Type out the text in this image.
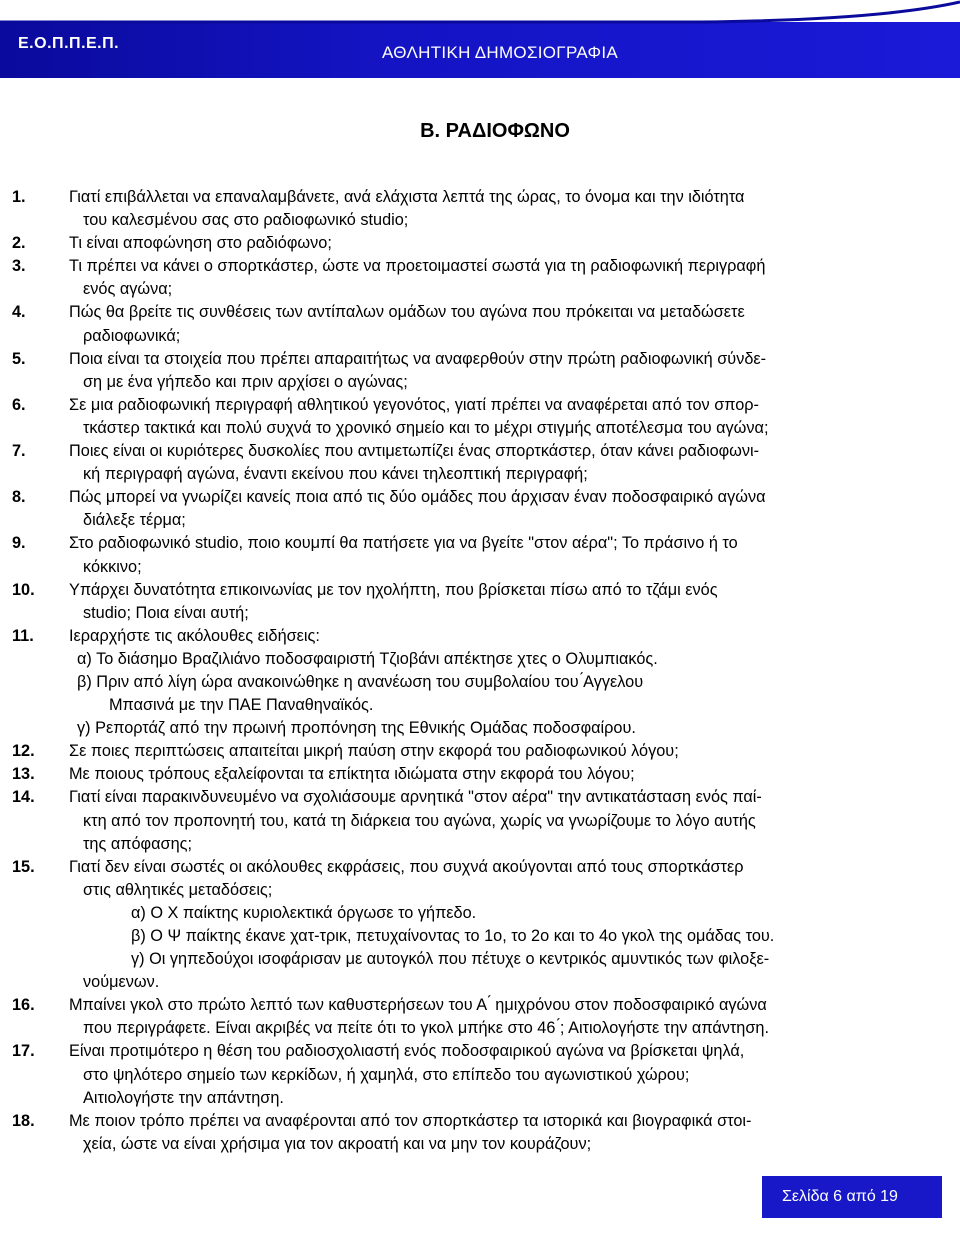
Ε.Ο.Π.Π.Ε.Π.	ΑΘΛΗΤΙΚΗ ΔΗΜΟΣΙΟΓΡΑΦΙΑ
Β. ΡΑΔΙΟΦΩΝΟ
1.	Γιατί επιβάλλεται να επαναλαμβάνετε, ανά ελάχιστα λεπτά της ώρας, το όνομα και την ιδιότητα
του καλεσμένου σας στο ραδιοφωνικό studio;
2.	Τι είναι αποφώνηση στο ραδιόφωνο;
3.	Τι πρέπει να κάνει ο σπορτκάστερ, ώστε να προετοιμαστεί σωστά για τη ραδιοφωνική περιγραφή
ενός αγώνα;
4.	Πώς θα βρείτε τις συνθέσεις των αντίπαλων ομάδων του αγώνα που πρόκειται να μεταδώσετε
ραδιοφωνικά;
5.	Ποια είναι τα στοιχεία που πρέπει απαραιτήτως να αναφερθούν στην πρώτη ραδιοφωνική σύνδε-
ση με ένα γήπεδο και πριν αρχίσει ο αγώνας;
6.	Σε μια ραδιοφωνική περιγραφή αθλητικού γεγονότος, γιατί πρέπει να αναφέρεται από τον σπορ-
τκάστερ τακτικά και πολύ συχνά το χρονικό σημείο και το μέχρι στιγμής αποτέλεσμα του αγώνα;
7.	Ποιες είναι οι κυριότερες δυσκολίες που αντιμετωπίζει ένας σπορτκάστερ, όταν κάνει ραδιοφωνι-
κή περιγραφή αγώνα, έναντι εκείνου που κάνει τηλεοπτική περιγραφή;
8.	Πώς μπορεί να γνωρίζει κανείς ποια από τις δύο ομάδες που άρχισαν έναν ποδοσφαιρικό αγώνα
διάλεξε τέρμα;
9.	Στο ραδιοφωνικό studio, ποιο κουμπί θα πατήσετε για να βγείτε "στον αέρα"; Το πράσινο ή το
κόκκινο;
10. Υπάρχει δυνατότητα επικοινωνίας με τον ηχολήπτη, που βρίσκεται πίσω από το τζάμι ενός
studio; Ποια είναι αυτή;
11. Ιεραρχήστε τις ακόλουθες ειδήσεις:
α) Το διάσημο Βραζιλιάνο ποδοσφαιριστή Τζιοβάνι απέκτησε χτες ο Ολυμπιακός.
β) Πριν από λίγη ώρα ανακοινώθηκε η ανανέωση του συμβολαίου του ́Αγγελου
Μπασινά με την ΠΑΕ Παναθηναϊκός.
γ) Ρεπορτάζ από την πρωινή προπόνηση της Εθνικής Ομάδας ποδοσφαίρου.
12. Σε ποιες περιπτώσεις απαιτείται μικρή παύση στην εκφορά του ραδιοφωνικού λόγου;
13. Με ποιους τρόπους εξαλείφονται τα επίκτητα ιδιώματα στην εκφορά του λόγου;
14. Γιατί είναι παρακινδυνευμένο να σχολιάσουμε αρνητικά "στον αέρα" την αντικατάσταση ενός παί-
κτη από τον προπονητή του, κατά τη διάρκεια του αγώνα, χωρίς να γνωρίζουμε το λόγο αυτής
της απόφασης;
15. Γιατί δεν είναι σωστές οι ακόλουθες εκφράσεις, που συχνά ακούγονται από τους σπορτκάστερ
στις αθλητικές μεταδόσεις;
α) Ο Χ παίκτης κυριολεκτικά όργωσε το γήπεδο.
β) Ο Ψ παίκτης έκανε χατ-τρικ, πετυχαίνοντας το 1ο, το 2ο και το 4ο γκολ της ομάδας του.
γ) Οι γηπεδούχοι ισοφάρισαν με αυτογκόλ που πέτυχε ο κεντρικός αμυντικός των φιλοξε-
νούμενων.
16. Μπαίνει γκολ στο πρώτο λεπτό των καθυστερήσεων του Α ́ ημιχρόνου στον ποδοσφαιρικό αγώνα
που περιγράφετε. Είναι ακριβές να πείτε ότι το γκολ μπήκε στο 46 ́; Αιτιολογήστε την απάντηση.
17. Είναι προτιμότερο η θέση του ραδιοσχολιαστή ενός ποδοσφαιρικού αγώνα να βρίσκεται ψηλά,
στο ψηλότερο σημείο των κερκίδων, ή χαμηλά, στο επίπεδο του αγωνιστικού χώρου;
Αιτιολογήστε την απάντηση.
18. Με ποιον τρόπο πρέπει να αναφέρονται από τον σπορτκάστερ τα ιστορικά και βιογραφικά στοι-
χεία, ώστε να είναι χρήσιμα για τον ακροατή και να μην τον κουράζουν;
Σελίδα 6 από 19
